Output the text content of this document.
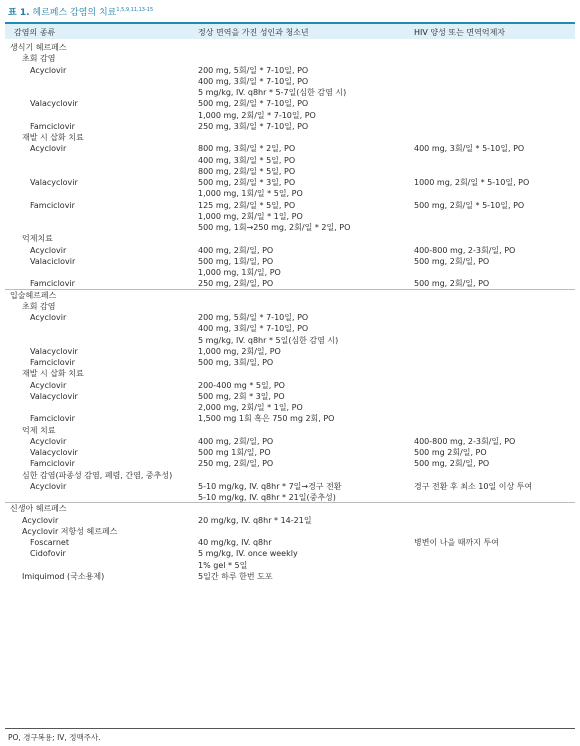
표 1. 헤르페스 감염의 치료$^{1,5,9,11,13-15}$
감염의 종류	정상 면역을 가진 성인과 청소년	HIV 양성 또는 면역억제자
생식기 헤르페스
초회 감염
Acyclovir	200 mg, 5회/일 * 7-10일, PO
400 mg, 3회/일 * 7-10일, PO
5 mg/kg, IV. q8hr * 5-7일(심한 감염 시)
Valacyclovir	500 mg, 2회/일 * 7-10일, PO
1,000 mg, 2회/일 * 7-10일, PO
Famciclovir	250 mg, 3회/일 * 7-10일, PO
재발 시 삽화 치료
Acyclovir	800 mg, 3회/일 * 2일, PO	400 mg, 3회/일 * 5-10일, PO
400 mg, 3회/일 * 5일, PO
800 mg, 2회/일 * 5일, PO
Valacyclovir	500 mg, 2회/일 * 3일, PO	1000 mg, 2회/일 * 5-10일, PO
1,000 mg, 1회/일 * 5일, PO
Famciclovir	125 mg, 2회/일 * 5일, PO	500 mg, 2회/일 * 5-10일, PO
1,000 mg, 2회/일 * 1일, PO
500 mg, 1회→250 mg, 2회/일 * 2일, PO
억제치료
Acyclovir	400 mg, 2회/일, PO	400-800 mg, 2-3회/일, PO
Valaciclovir	500 mg, 1회/일, PO	500 mg, 2회/일, PO
1,000 mg, 1회/일, PO
Famciclovir	250 mg, 2회/일, PO	500 mg, 2회/일, PO
입술헤르페스
초회 감염
Acyclovir	200 mg, 5회/일 * 7-10일, PO
400 mg, 3회/일 * 7-10일, PO
5 mg/kg, IV. q8hr * 5일(심한 감염 시)
Valacyclovir	1,000 mg, 2회/일, PO
Famciclovir	500 mg, 3회/일, PO
재발 시 삽화 치료
Acyclovir	200-400 mg * 5일, PO
Valacyclovir	500 mg, 2회 * 3일, PO
2,000 mg, 2회/일 * 1일, PO
Famciclovir	1,500 mg 1회 혹은 750 mg 2회, PO
억제 치료
Acyclovir	400 mg, 2회/일, PO	400-800 mg, 2-3회/일, PO
Valacyclovir	500 mg 1회/일, PO	500 mg 2회/일, PO
Famciclovir	250 mg, 2회/일, PO	500 mg, 2회/일, PO
심한 감염(파종성 감염, 폐렴, 간염, 중추성)
Acyclovir	5-10 mg/kg, IV. q8hr * 7일→경구 전환	경구 전환 후 최소 10일 이상 투여
5-10 mg/kg, IV. q8hr * 21일(중추성)
신생아 헤르페스
Acyclovir	20 mg/kg, IV. q8hr * 14-21일
Acyclovir 저항성 헤르페스
Foscarnet	40 mg/kg, IV. q8hr	병변이 나을 때까지 투여
Cidofovir	5 mg/kg, IV. once weekly
1% gel * 5일
Imiquimod (국소용제)	5일간 하루 한번 도포
PO, 경구복용; IV, 정맥주사.
